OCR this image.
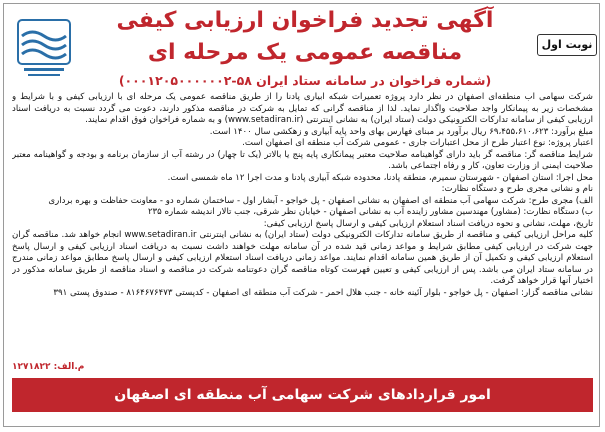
نوبت اول
آگهی تجدید فراخوان ارزیابی کیفی
مناقصه عمومی یک مرحله ای
(شماره فراخوان در سامانه ستاد ایران ۵۸-۰۰۰۱۲۰۵۰۰۰۰۰۰۲)

شرکت سهامی آب منطقه‌ای اصفهان در نظر دارد پروژه تعمیرات شبکه آبیاری پادنا را از طریق مناقصه عمومی یک مرحله ای با ارزیابی کیفی و با شرایط و مشخصات زیر به پیمانکار واجد صلاحیت واگذار نماید. لذا از مناقصه گرانی که تمایل به شرکت در مناقصه مذکور دارند، دعوت می گردد نسبت به دریافت اسناد ارزیابی کیفی از سامانه تدارکات الکترونیکی دولت (ستاد ایران) به نشانی اینترنتی (www.setadiran.ir) و به شماره فراخوان فوق اقدام نمایند.

مبلغ برآورد: ۶۹،۴۵۵،۶۱۰،۶۲۳ ریال برآورد بر مبنای فهارس بهای واحد پایه آبیاری و زهکشی سال ۱۴۰۰ است.

اعتبار پروژه: نوع اعتبار طرح از محل اعتبارات جاری - عمومی شرکت آب منطقه ای اصفهان است.

شرایط مناقصه گر: مناقصه گر باید دارای گواهینامه صلاحیت معتبر پیمانکاری پایه پنج یا بالاتر (یک تا چهار) در رشته آب از سازمان برنامه و بودجه و گواهینامه معتبر صلاحیت ایمنی از وزارت تعاون، کار و رفاه اجتماعی باشد.

محل اجرا: استان اصفهان - شهرستان سمیرم، منطقه پادنا، محدوده شبکه آبیاری پادنا و مدت اجرا ۱۲ ماه شمسی است.

نام و نشانی مجری طرح و دستگاه نظارت:

الف) مجری طرح: شرکت سهامی آب منطقه ای اصفهان به نشانی اصفهان - پل خواجو - آبشار اول - ساختمان شماره دو - معاونت حفاظت و بهره برداری

ب) دستگاه نظارت: (مشاور) مهندسین مشاور زاینده آب به نشانی اصفهان - خیابان نظر شرقی، جنب تالار اندیشه شماره ۲۳۵

تاریخ، مهلت، نشانی و نحوه دریافت اسناد استعلام ارزیابی کیفی و ارسال پاسخ ارزیابی کیفی:

کلیه مراحل ارزیابی کیفی و مناقصه از طریق سامانه تدارکات الکترونیکی دولت (ستاد ایران) به نشانی اینترنتی www.setadiran.ir انجام خواهد شد. مناقصه گران جهت شرکت در ارزیابی کیفی مطابق شرایط و مواعد زمانی قید شده در آن سامانه مهلت خواهند داشت نسبت به دریافت اسناد ارزیابی کیفی و ارسال پاسخ استعلام ارزیابی کیفی و تکمیل آن از طریق همین سامانه اقدام نمایند. مواعد زمانی دریافت اسناد استعلام ارزیابی کیفی و ارسال پاسخ مطابق مواعد زمانی مندرج در سامانه ستاد ایران می باشد. پس از ارزیابی کیفی و تعیین فهرست کوتاه مناقصه گران دعوتنامه شرکت در مناقصه و اسناد مناقصه از طریق سامانه مذکور در اختیار آنها قرار خواهد گرفت.

نشانی مناقصه گزار: اصفهان - پل خواجو - بلوار آئینه خانه - جنب هلال احمر - شرکت آب منطقه ای اصفهان - کدپستی ۸۱۶۴۶۷۶۴۷۳ - صندوق پستی ۳۹۱

م.الف: ۱۲۷۱۸۲۲
امور قراردادهای شرکت سهامی آب منطقه ای اصفهان
